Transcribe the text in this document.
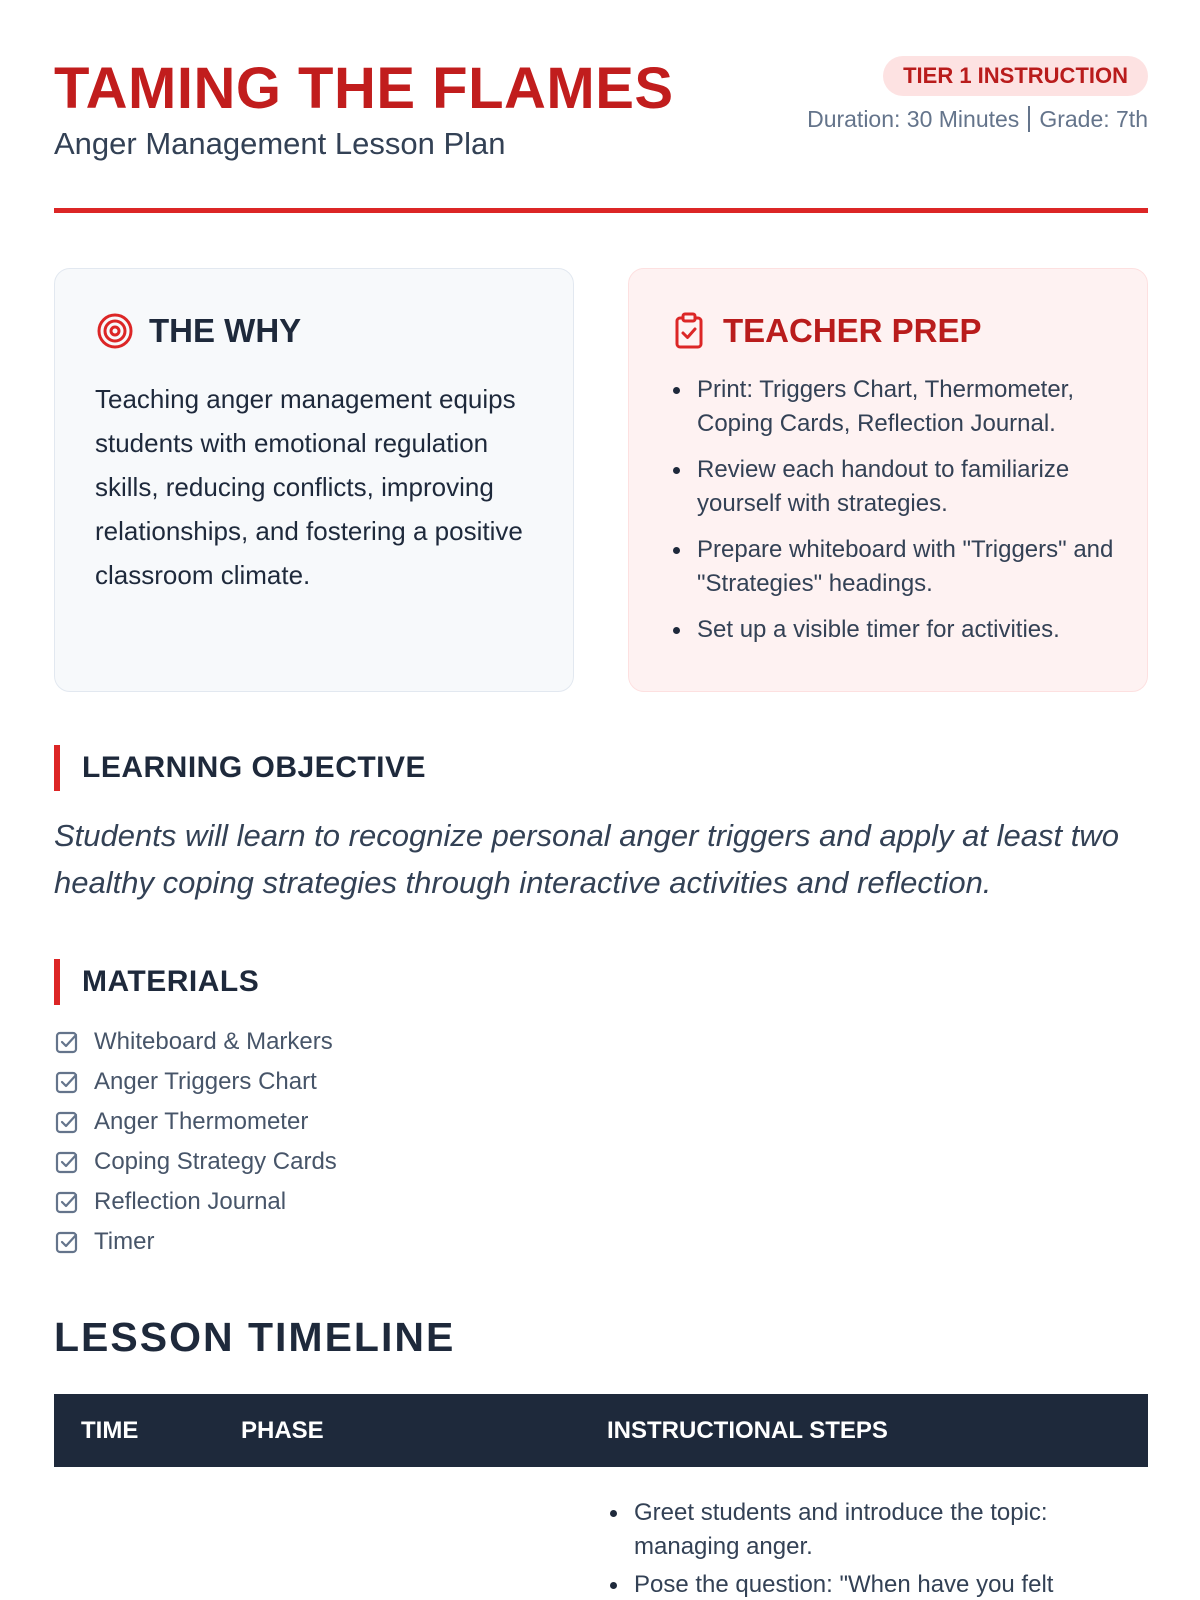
TAMING THE FLAMES
Anger Management Lesson Plan
TIER 1 INSTRUCTION
Duration: 30 Minutes Grade: 7th
THE WHY

Teaching anger management equips students with emotional regulation skills, reducing conflicts, improving relationships, and fostering a positive classroom climate.

TEACHER PREP
Print: Triggers Chart, Thermometer, Coping Cards, Reflection Journal.
Review each handout to familiarize yourself with strategies.
Prepare whiteboard with "Triggers" and "Strategies" headings.
Set up a visible timer for activities.
LEARNING OBJECTIVE

Students will learn to recognize personal anger triggers and apply at least two healthy coping strategies through interactive activities and reflection.

MATERIALS
Whiteboard & Markers
Anger Triggers Chart
Anger Thermometer
Coping Strategy Cards
Reflection Journal
Timer
LESSON TIMELINE
TIME	PHASE	INSTRUCTIONAL STEPS
Greet students and introduce the topic: managing anger.
Pose the question: "When have you felt
